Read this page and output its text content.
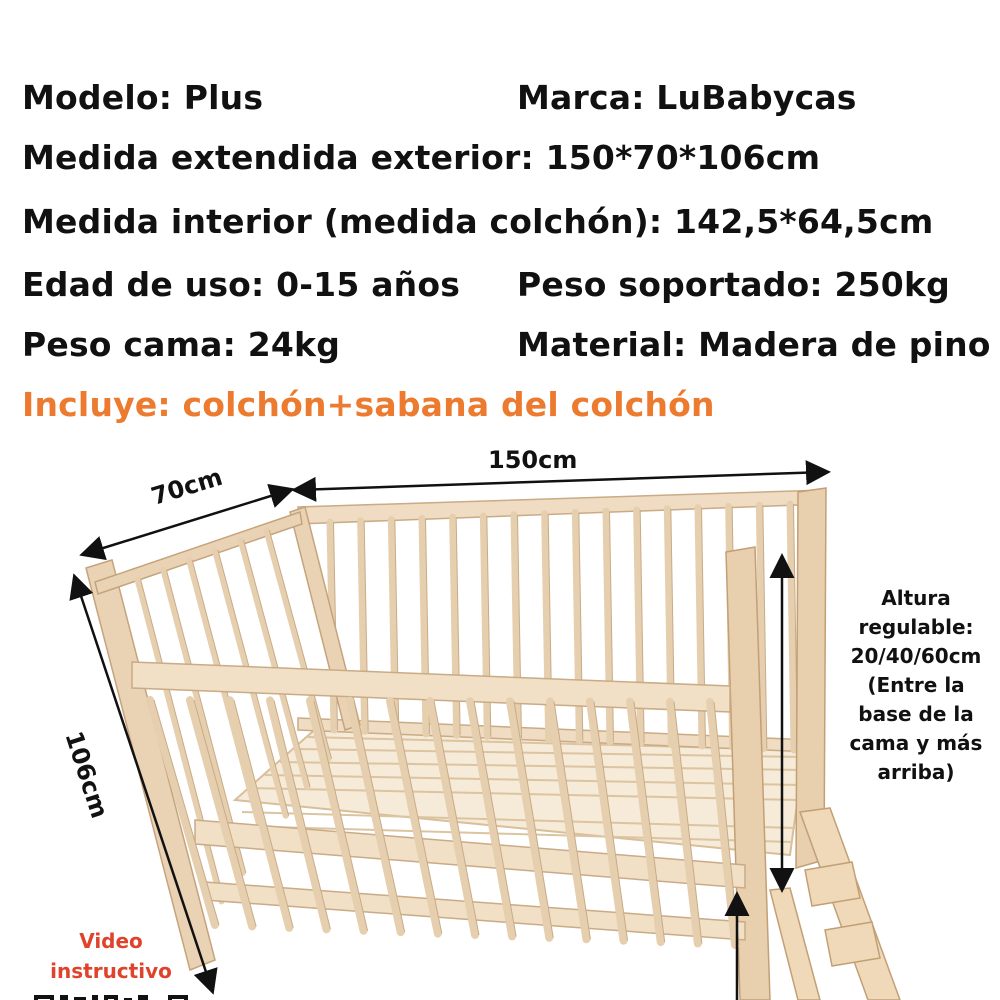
Modelo: Plus	Marca: LuBabycas
Medida extendida exterior: 150*70*106cm
Medida interior (medida colchón): 142,5*64,5cm
Edad de uso: 0-15 años Peso soportado: 250kg
Peso cama: 24kg	Material: Madera de pino
Incluye: colchón+sabana del colchón
150cm
70cm
106cm
Altura
regulable:
20/40/60cm
(Entre la
base de la
cama y más
arriba)
Video
instructivo
